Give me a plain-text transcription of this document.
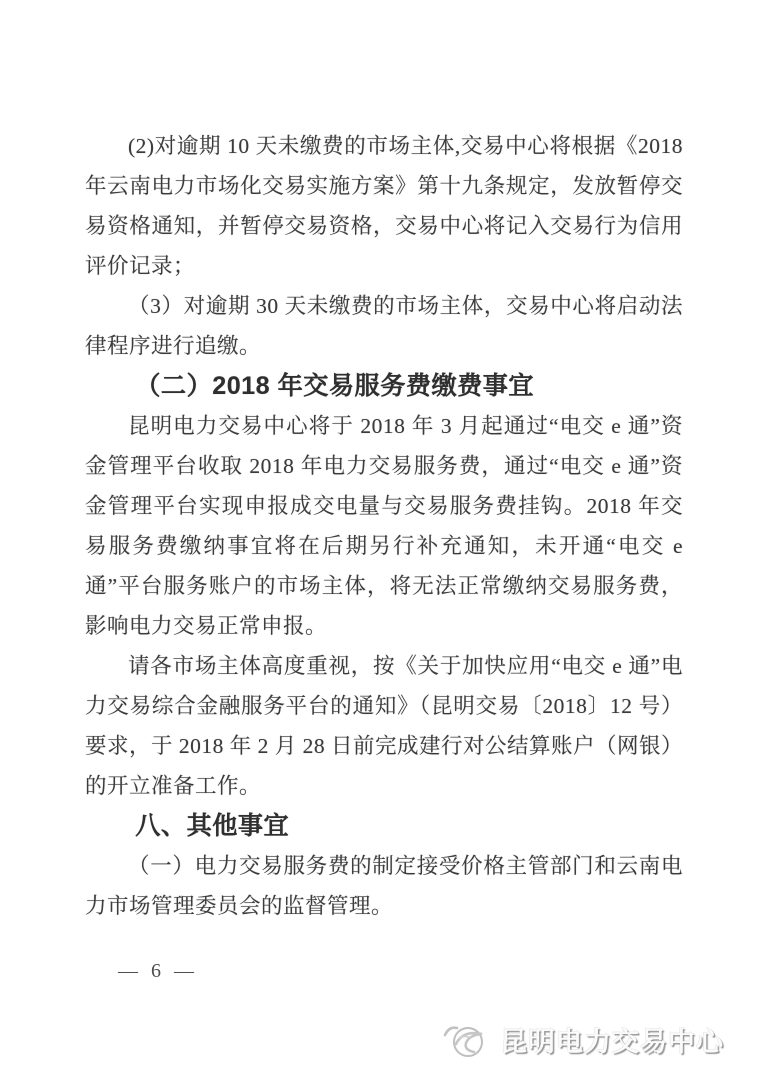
(2)对逾期 10 天未缴费的市场主体,交易中心将根据《2018 年云南电力市场化交易实施方案》第十九条规定，发放暂停交易资格通知，并暂停交易资格，交易中心将记入交易行为信用评价记录；

（3）对逾期 30 天未缴费的市场主体，交易中心将启动法律程序进行追缴。

（二）2018 年交易服务费缴费事宜

昆明电力交易中心将于 2018 年 3 月起通过“电交 e 通”资金管理平台收取 2018 年电力交易服务费，通过“电交 e 通”资金管理平台实现申报成交电量与交易服务费挂钩。2018 年交易服务费缴纳事宜将在后期另行补充通知，未开通“电交 e 通”平台服务账户的市场主体，将无法正常缴纳交易服务费，影响电力交易正常申报。

请各市场主体高度重视，按《关于加快应用“电交 e 通”电力交易综合金融服务平台的通知》（昆明交易〔2018〕12 号）要求，于 2018 年 2 月 28 日前完成建行对公结算账户（网银）的开立准备工作。

八、其他事宜

（一）电力交易服务费的制定接受价格主管部门和云南电力市场管理委员会的监督管理。

— 6 —
昆明电力交易中心
